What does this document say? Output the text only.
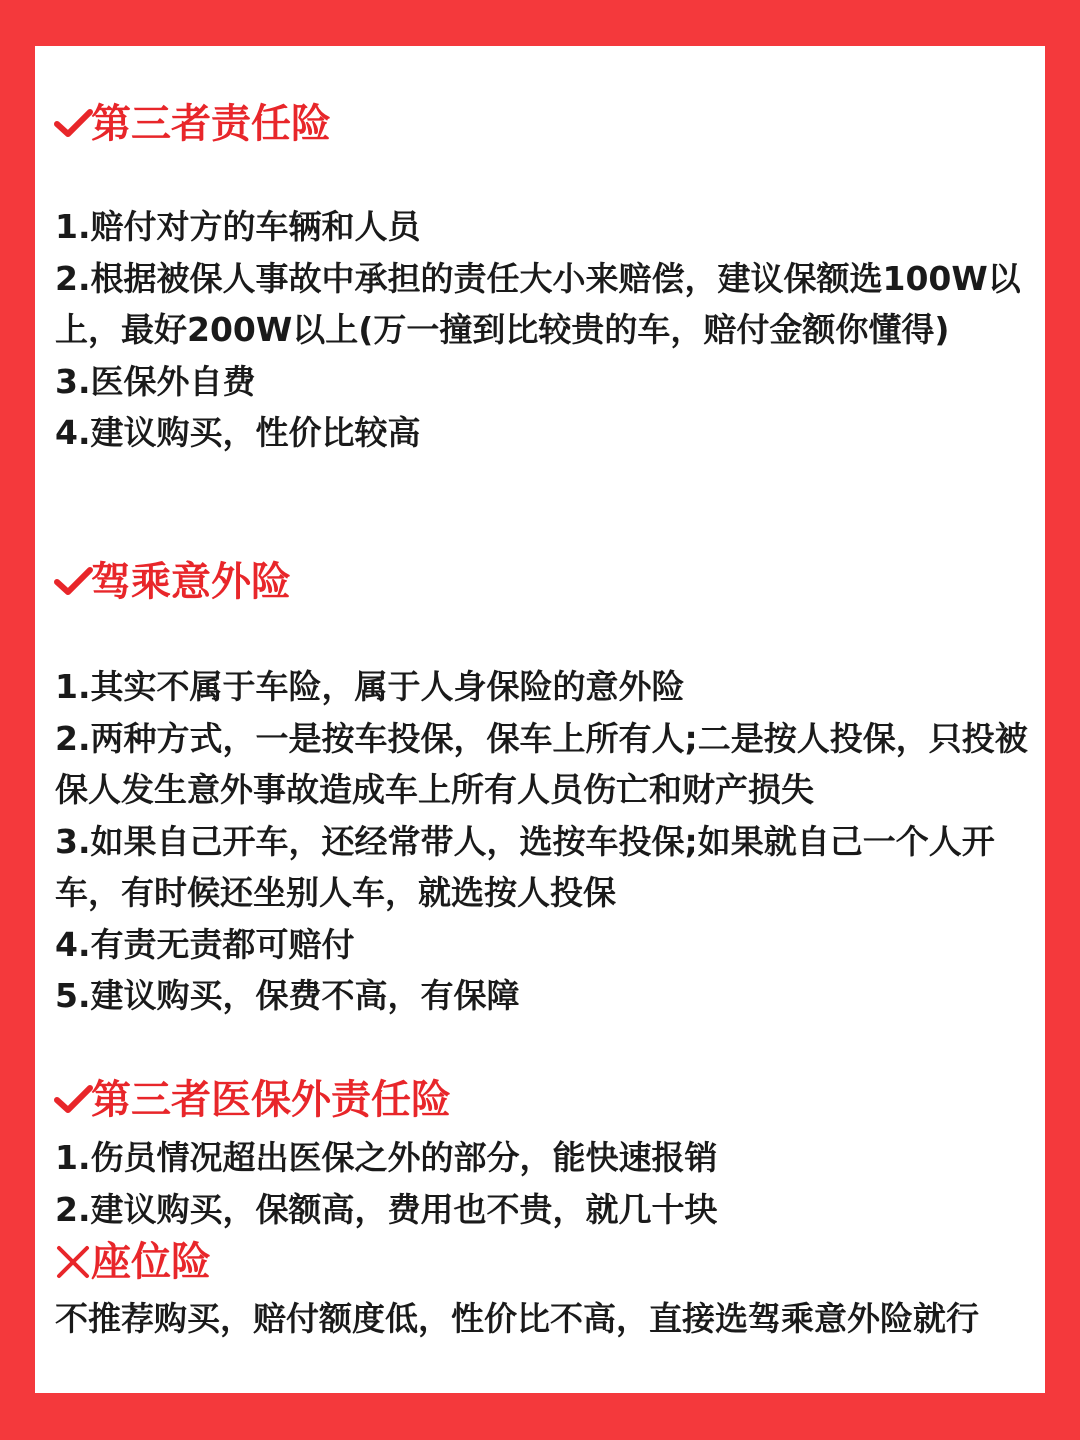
第三者责任险

1.赔付对方的车辆和人员

2.根据被保人事故中承担的责任大小来赔偿，建议保额选100W以上，最好200W以上(万一撞到比较贵的车，赔付金额你懂得)

3.医保外自费

4.建议购买，性价比较高

驾乘意外险

1.其实不属于车险，属于人身保险的意外险

2.两种方式，一是按车投保，保车上所有人;二是按人投保，只投被保人发生意外事故造成车上所有人员伤亡和财产损失

3.如果自己开车，还经常带人，选按车投保;如果就自己一个人开车，有时候还坐别人车，就选按人投保

4.有责无责都可赔付

5.建议购买，保费不高，有保障

第三者医保外责任险

1.伤员情况超出医保之外的部分，能快速报销

2.建议购买，保额高，费用也不贵，就几十块

座位险

不推荐购买，赔付额度低，性价比不高，直接选驾乘意外险就行
